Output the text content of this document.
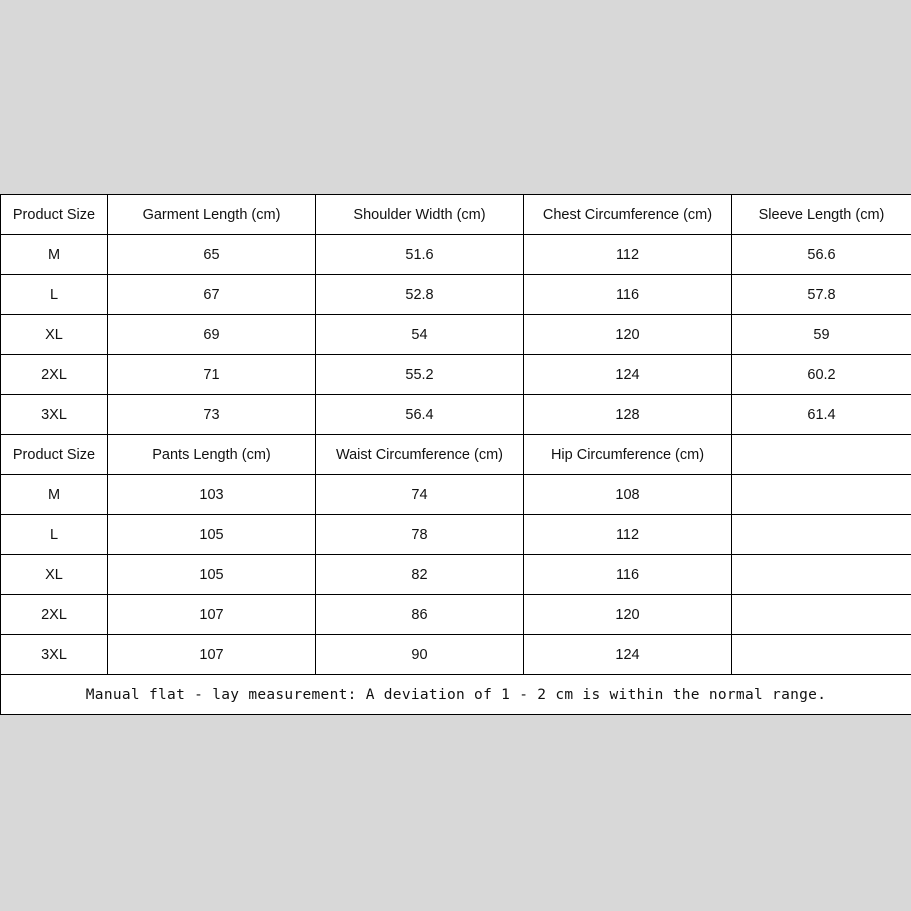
Product Size	Garment Length (cm)	Shoulder Width (cm)	Chest Circumference (cm)	Sleeve Length (cm)
M	65	51.6	112	56.6
L	67	52.8	116	57.8
XL	69	54	120	59
2XL	71	55.2	124	60.2
3XL	73	56.4	128	61.4
Product Size	Pants Length (cm)	Waist Circumference (cm)	Hip Circumference (cm)	
M	103	74	108	
L	105	78	112	
XL	105	82	116	
2XL	107	86	120	
3XL	107	90	124	
Manual flat - lay measurement: A deviation of 1 - 2 cm is within the normal range.				
